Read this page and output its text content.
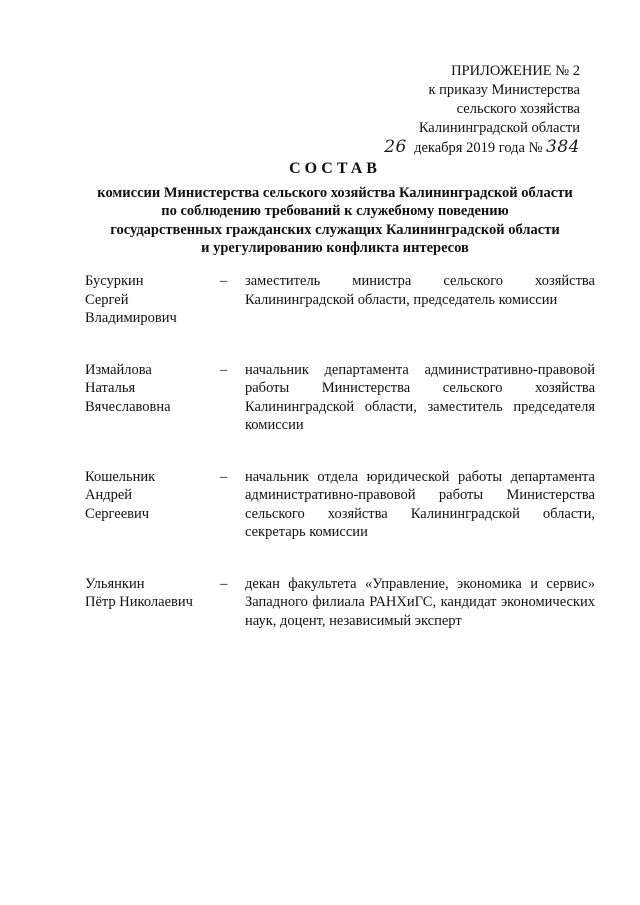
ПРИЛОЖЕНИЕ № 2
к приказу Министерства
сельского хозяйства
Калининградской области
26 декабря 2019 года № 384
СОСТАВ
комиссии Министерства сельского хозяйства Калининградской области
по соблюдению требований к служебному поведению
государственных гражданских служащих Калининградской области
и урегулированию конфликта интересов
Бусуркин
Сергей
Владимирович
–	заместитель министра сельского хозяйства Калининградской области, председатель комиссии
Измайлова
Наталья
Вячеславовна
–	начальник департамента административно-правовой работы Министерства сельского хозяйства Калининградской области, заместитель председателя комиссии
Кошельник
Андрей
Сергеевич
–	начальник отдела юридической работы департамента административно-правовой работы Министерства сельского хозяйства Калининградской области, секретарь комиссии
Ульянкин
Пётр Николаевич
–	декан факультета «Управление, экономика и сервис» Западного филиала РАНХиГС, кандидат экономических наук, доцент, независимый эксперт
